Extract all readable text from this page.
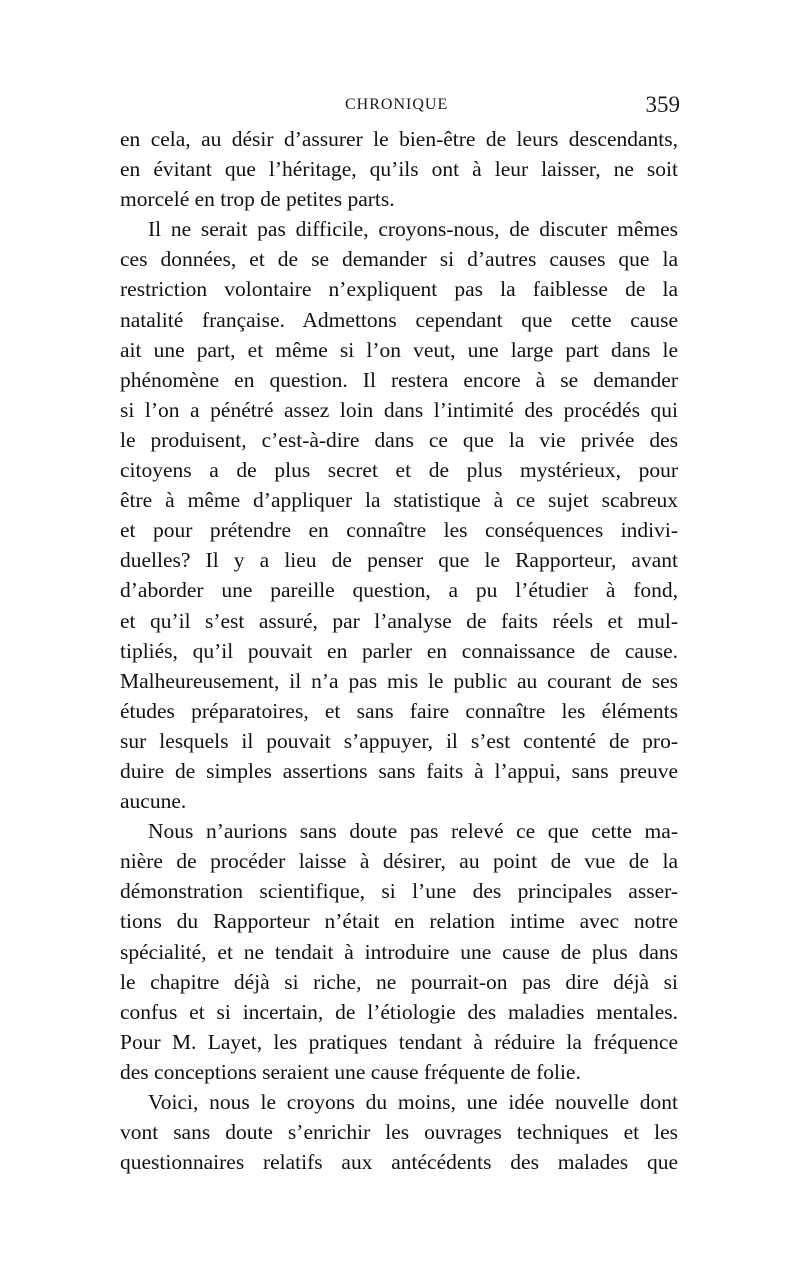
CHRONIQUE	359
en cela, au désir d’assurer le bien-être de leurs descendants,
en évitant que l’héritage, qu’ils ont à leur laisser, ne soit
morcelé en trop de petites parts.
Il ne serait pas difficile, croyons-nous, de discuter mêmes
ces données, et de se demander si d’autres causes que la
restriction volontaire n’expliquent pas la faiblesse de la
natalité française. Admettons cependant que cette cause
ait une part, et même si l’on veut, une large part dans le
phénomène en question. Il restera encore à se demander
si l’on a pénétré assez loin dans l’intimité des procédés qui
le produisent, c’est-à-dire dans ce que la vie privée des
citoyens a de plus secret et de plus mystérieux, pour
être à même d’appliquer la statistique à ce sujet scabreux
et pour prétendre en connaître les conséquences indivi-
duelles? Il y a lieu de penser que le Rapporteur, avant
d’aborder une pareille question, a pu l’étudier à fond,
et qu’il s’est assuré, par l’analyse de faits réels et mul-
tipliés, qu’il pouvait en parler en connaissance de cause.
Malheureusement, il n’a pas mis le public au courant de ses
études préparatoires, et sans faire connaître les éléments
sur lesquels il pouvait s’appuyer, il s’est contenté de pro-
duire de simples assertions sans faits à l’appui, sans preuve
aucune.
Nous n’aurions sans doute pas relevé ce que cette ma-
nière de procéder laisse à désirer, au point de vue de la
démonstration scientifique, si l’une des principales asser-
tions du Rapporteur n’était en relation intime avec notre
spécialité, et ne tendait à introduire une cause de plus dans
le chapitre déjà si riche, ne pourrait-on pas dire déjà si
confus et si incertain, de l’étiologie des maladies mentales.
Pour M. Layet, les pratiques tendant à réduire la fréquence
des conceptions seraient une cause fréquente de folie.
Voici, nous le croyons du moins, une idée nouvelle dont
vont sans doute s’enrichir les ouvrages techniques et les
questionnaires relatifs aux antécédents des malades que
